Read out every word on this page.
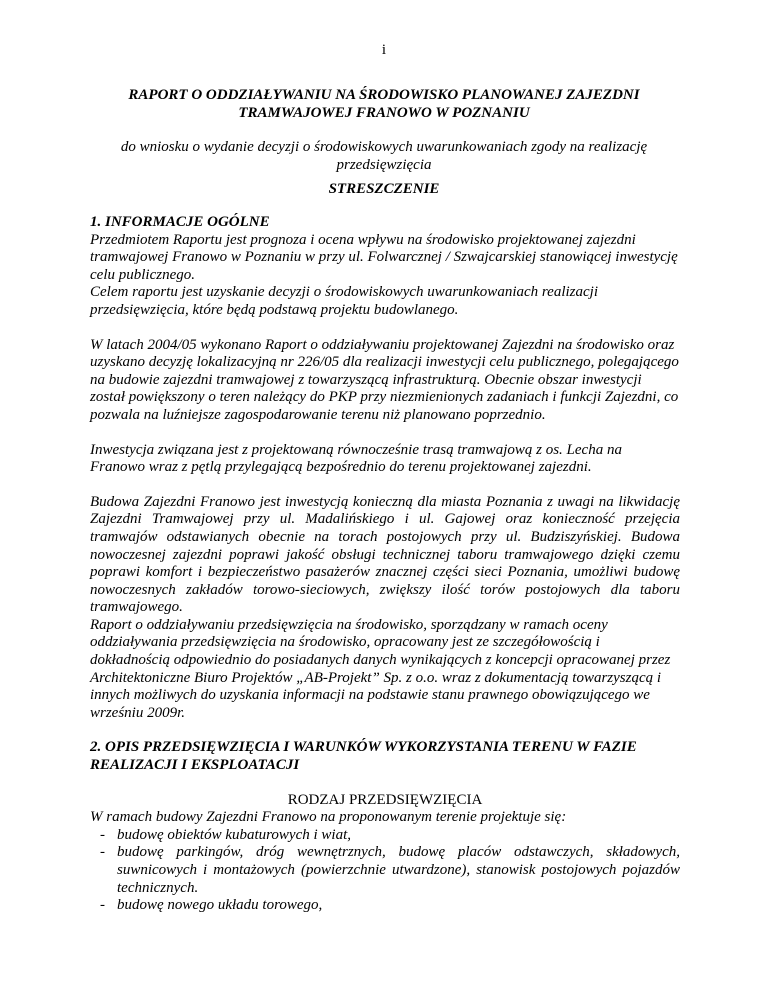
i
RAPORT O ODDZIAŁYWANIU NA ŚRODOWISKO PLANOWANEJ ZAJEZDNI TRAMWAJOWEJ FRANOWO W POZNANIU
do wniosku o wydanie decyzji o środowiskowych uwarunkowaniach zgody na realizację przedsięwzięcia
STRESZCZENIE

1. INFORMACJE OGÓLNE

Przedmiotem Raportu jest prognoza i ocena wpływu na środowisko projektowanej zajezdni tramwajowej Franowo w Poznaniu w przy ul. Folwarcznej / Szwajcarskiej stanowiącej inwestycję celu publicznego.

Celem raportu jest uzyskanie decyzji o środowiskowych uwarunkowaniach realizacji przedsięwzięcia, które będą podstawą projektu budowlanego.

W latach 2004/05 wykonano Raport o oddziaływaniu projektowanej Zajezdni na środowisko oraz uzyskano decyzję lokalizacyjną nr 226/05 dla realizacji inwestycji celu publicznego, polegającego na budowie zajezdni tramwajowej z towarzyszącą infrastrukturą. Obecnie obszar inwestycji został powiększony o teren należący do PKP przy niezmienionych zadaniach i funkcji Zajezdni, co pozwala na luźniejsze zagospodarowanie terenu niż planowano poprzednio.

Inwestycja związana jest z projektowaną równocześnie trasą tramwajową z os. Lecha na Franowo wraz z pętlą przylegającą bezpośrednio do terenu projektowanej zajezdni.

Budowa Zajezdni Franowo jest inwestycją konieczną dla miasta Poznania z uwagi na likwidację Zajezdni Tramwajowej przy ul. Madalińskiego i ul. Gajowej oraz konieczność przejęcia tramwajów odstawianych obecnie na torach postojowych przy ul. Budziszyńskiej. Budowa nowoczesnej zajezdni poprawi jakość obsługi technicznej taboru tramwajowego dzięki czemu poprawi komfort i bezpieczeństwo pasażerów znacznej części sieci Poznania, umożliwi budowę nowoczesnych zakładów torowo-sieciowych, zwiększy ilość torów postojowych dla taboru tramwajowego.

Raport o oddziaływaniu przedsięwzięcia na środowisko, sporządzany w ramach oceny oddziaływania przedsięwzięcia na środowisko, opracowany jest ze szczegółowością i dokładnością odpowiednio do posiadanych danych wynikających z koncepcji opracowanej przez Architektoniczne Biuro Projektów „AB-Projekt” Sp. z o.o. wraz z dokumentacją towarzyszącą i innych możliwych do uzyskania informacji na podstawie stanu prawnego obowiązującego we wrześniu 2009r.

2. OPIS PRZEDSIĘWZIĘCIA I WARUNKÓW WYKORZYSTANIA TERENU W FAZIE REALIZACJI I EKSPLOATACJI

RODZAJ PRZEDSIĘWZIĘCIA

W ramach budowy Zajezdni Franowo na proponowanym terenie projektuje się:

- budowę obiektów kubaturowych i wiat,
- budowę parkingów, dróg wewnętrznych, budowę placów odstawczych, składowych, suwnicowych i montażowych (powierzchnie utwardzone), stanowisk postojowych pojazdów technicznych.
- budowę nowego układu torowego,
